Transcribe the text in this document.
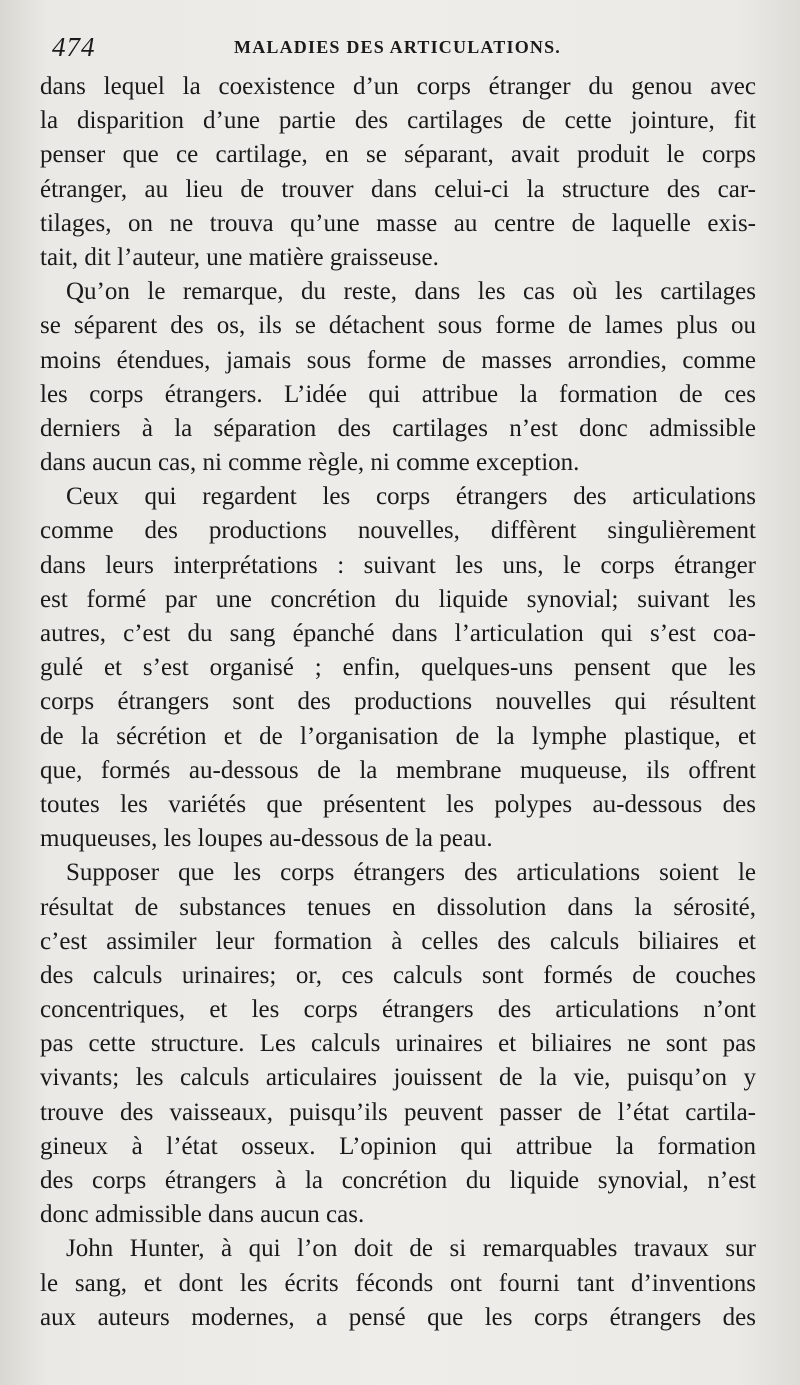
474	MALADIES DES ARTICULATIONS.
dans lequel la coexistence d’un corps étranger du genou avec
la disparition d’une partie des cartilages de cette jointure, fit
penser que ce cartilage, en se séparant, avait produit le corps
étranger, au lieu de trouver dans celui-ci la structure des car-
tilages, on ne trouva qu’une masse au centre de laquelle exis-
tait, dit l’auteur, une matière graisseuse.
Qu’on le remarque, du reste, dans les cas où les cartilages
se séparent des os, ils se détachent sous forme de lames plus ou
moins étendues, jamais sous forme de masses arrondies, comme
les corps étrangers. L’idée qui attribue la formation de ces
derniers à la séparation des cartilages n’est donc admissible
dans aucun cas, ni comme règle, ni comme exception.
Ceux qui regardent les corps étrangers des articulations
comme des productions nouvelles, diffèrent singulièrement
dans leurs interprétations : suivant les uns, le corps étranger
est formé par une concrétion du liquide synovial; suivant les
autres, c’est du sang épanché dans l’articulation qui s’est coa-
gulé et s’est organisé ; enfin, quelques-uns pensent que les
corps étrangers sont des productions nouvelles qui résultent
de la sécrétion et de l’organisation de la lymphe plastique, et
que, formés au-dessous de la membrane muqueuse, ils offrent
toutes les variétés que présentent les polypes au-dessous des
muqueuses, les loupes au-dessous de la peau.
Supposer que les corps étrangers des articulations soient le
résultat de substances tenues en dissolution dans la sérosité,
c’est assimiler leur formation à celles des calculs biliaires et
des calculs urinaires; or, ces calculs sont formés de couches
concentriques, et les corps étrangers des articulations n’ont
pas cette structure. Les calculs urinaires et biliaires ne sont pas
vivants; les calculs articulaires jouissent de la vie, puisqu’on y
trouve des vaisseaux, puisqu’ils peuvent passer de l’état cartila-
gineux à l’état osseux. L’opinion qui attribue la formation
des corps étrangers à la concrétion du liquide synovial, n’est
donc admissible dans aucun cas.
John Hunter, à qui l’on doit de si remarquables travaux sur
le sang, et dont les écrits féconds ont fourni tant d’inventions
aux auteurs modernes, a pensé que les corps étrangers des
